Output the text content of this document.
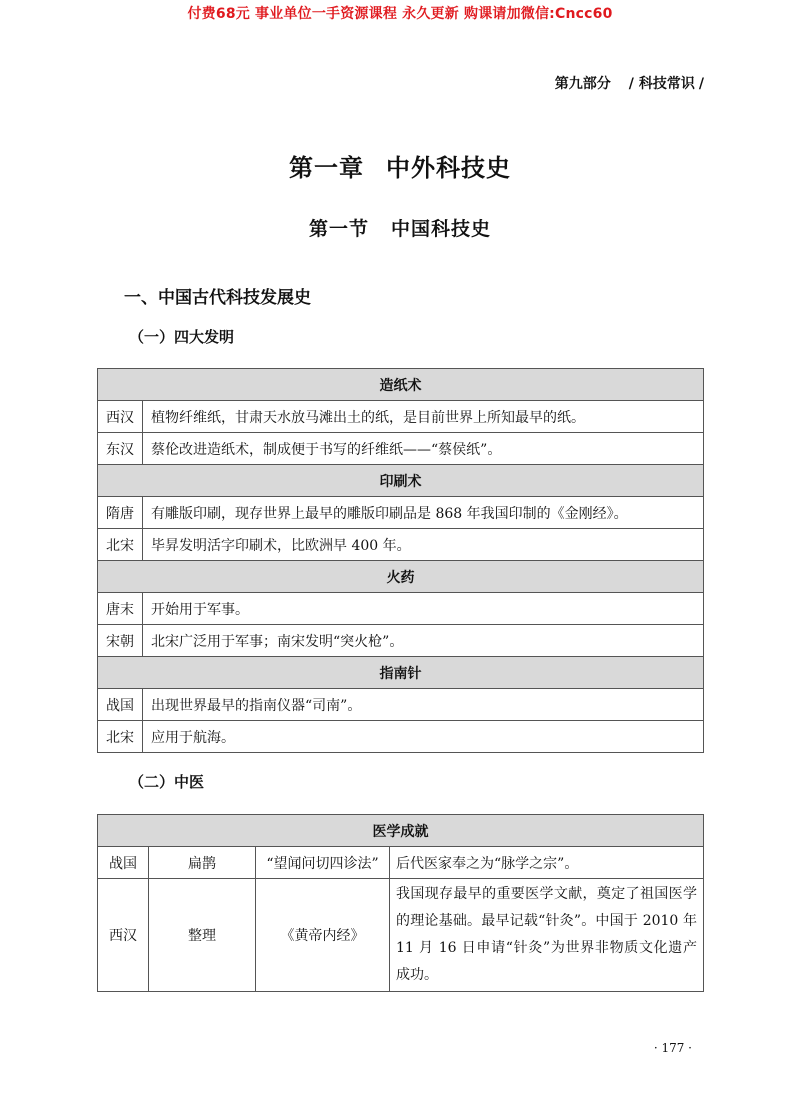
付费68元 事业单位一手资源课程 永久更新 购课请加微信:Cncc60
第九部分 / 科技常识 /
第一章 中外科技史
第一节 中国科技史
一、中国古代科技发展史
（一）四大发明
造纸术	
西汉	植物纤维纸，甘肃天水放马滩出土的纸，是目前世界上所知最早的纸。
东汉	蔡伦改进造纸术，制成便于书写的纤维纸——“蔡侯纸”。
印刷术	
隋唐	有雕版印刷，现存世界上最早的雕版印刷品是 868 年我国印制的《金刚经》。
北宋	毕昇发明活字印刷术，比欧洲早 400 年。
火药	
唐末	开始用于军事。
宋朝	北宋广泛用于军事；南宋发明“突火枪”。
指南针	
战国	出现世界最早的指南仪器“司南”。
北宋	应用于航海。
（二）中医
医学成就			
战国	扁鹊	“望闻问切四诊法”	后代医家奉之为“脉学之宗”。
西汉	整理	《黄帝内经》	我国现存最早的重要医学文献，奠定了祖国医学的理论基础。最早记载“针灸”。中国于 2010 年 11 月 16 日申请“针灸”为世界非物质文化遗产成功。
· 177 ·
